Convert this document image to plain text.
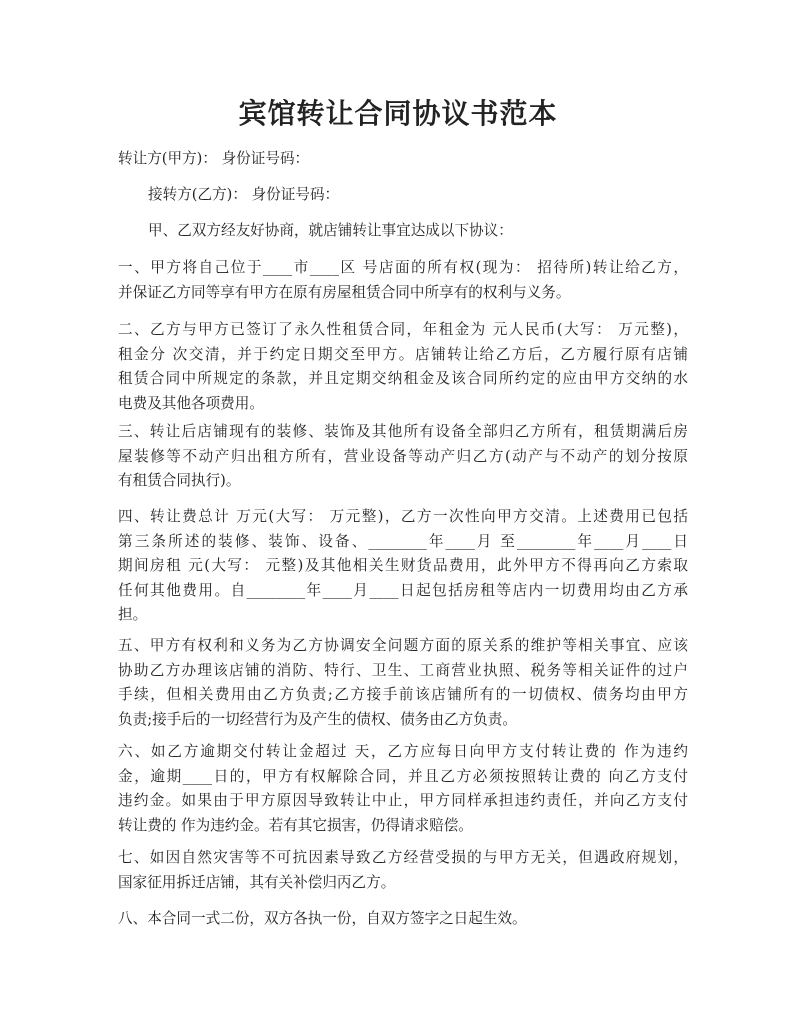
宾馆转让合同协议书范本

转让方(甲方)： 身份证号码：

接转方(乙方)： 身份证号码：

甲、乙双方经友好协商，就店铺转让事宜达成以下协议：

一、甲方将自己位于____市____区 号店面的所有权(现为： 招待所)转让给乙方，
并保证乙方同等享有甲方在原有房屋租赁合同中所享有的权利与义务。
二、乙方与甲方已签订了永久性租赁合同，年租金为 元人民币(大写： 万元整)，
租金分 次交清，并于约定日期交至甲方。店铺转让给乙方后，乙方履行原有店铺
租赁合同中所规定的条款，并且定期交纳租金及该合同所约定的应由甲方交纳的水
电费及其他各项费用。
三、转让后店铺现有的装修、装饰及其他所有设备全部归乙方所有，租赁期满后房
屋装修等不动产归出租方所有，营业设备等动产归乙方(动产与不动产的划分按原
有租赁合同执行)。
四、转让费总计 万元(大写： 万元整)，乙方一次性向甲方交清。上述费用已包括
第三条所述的装修、装饰、设备、________年____月 至________年____月____日
期间房租 元(大写： 元整)及其他相关生财货品费用，此外甲方不得再向乙方索取
任何其他费用。自________年____月____日起包括房租等店内一切费用均由乙方承
担。
五、甲方有权利和义务为乙方协调安全问题方面的原关系的维护等相关事宜、应该
协助乙方办理该店铺的消防、特行、卫生、工商营业执照、税务等相关证件的过户
手续，但相关费用由乙方负责;乙方接手前该店铺所有的一切债权、债务均由甲方
负责;接手后的一切经营行为及产生的债权、债务由乙方负责。
六、如乙方逾期交付转让金超过 天，乙方应每日向甲方支付转让费的 作为违约
金，逾期____日的，甲方有权解除合同，并且乙方必须按照转让费的 向乙方支付
违约金。如果由于甲方原因导致转让中止，甲方同样承担违约责任，并向乙方支付
转让费的 作为违约金。若有其它损害，仍得请求赔偿。
七、如因自然灾害等不可抗因素导致乙方经营受损的与甲方无关，但遇政府规划，
国家征用拆迁店铺，其有关补偿归丙乙方。
八、本合同一式二份，双方各执一份，自双方签字之日起生效。
